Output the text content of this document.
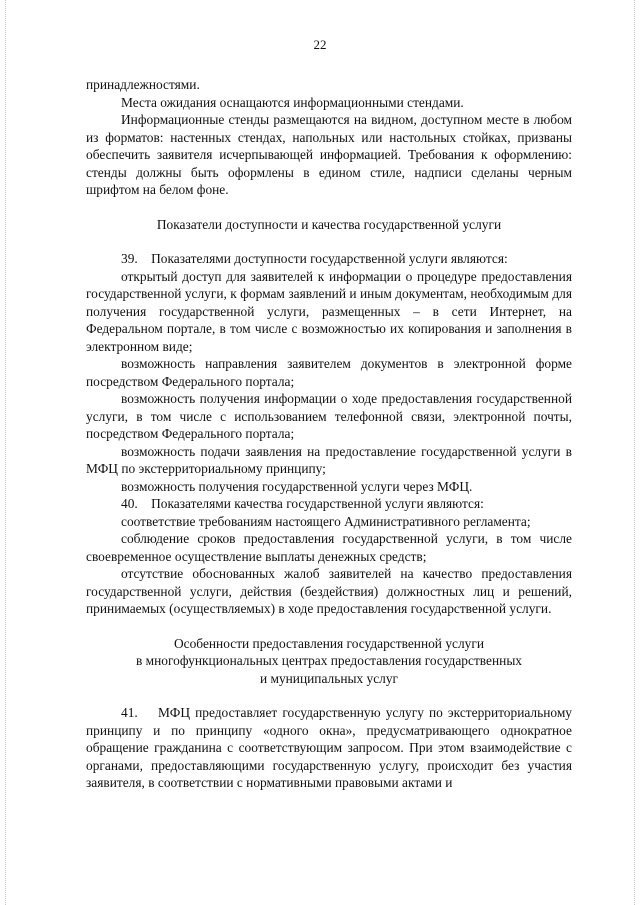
22

принадлежностями.

Места ожидания оснащаются информационными стендами.

Информационные стенды размещаются на видном, доступном месте в любом из форматов: настенных стендах, напольных или настольных стойках, призваны обеспечить заявителя исчерпывающей информацией. Требования к оформлению: стенды должны быть оформлены в едином стиле, надписи сделаны черным шрифтом на белом фоне.

Показатели доступности и качества государственной услуги

39.    Показателями доступности государственной услуги являются:

открытый доступ для заявителей к информации о процедуре предоставления государственной услуги, к формам заявлений и иным документам, необходимым для получения государственной услуги, размещенных – в сети Интернет, на Федеральном портале, в том числе с возможностью их копирования и заполнения в электронном виде;

возможность направления заявителем документов в электронной форме посредством Федерального портала;

возможность получения информации о ходе предоставления государственной услуги, в том числе с использованием телефонной связи, электронной почты, посредством Федерального портала;

возможность подачи заявления на предоставление государственной услуги в МФЦ по экстерриториальному принципу;

возможность получения государственной услуги через МФЦ.

40.    Показателями качества государственной услуги являются:

соответствие требованиям настоящего Административного регламента;

соблюдение сроков предоставления государственной услуги, в том числе своевременное осуществление выплаты денежных средств;

отсутствие обоснованных жалоб заявителей на качество предоставления государственной услуги, действия (бездействия) должностных лиц и решений, принимаемых (осуществляемых) в ходе предоставления государственной услуги.

Особенности предоставления государственной услуги

в многофункциональных центрах предоставления государственных

и муниципальных услуг

41.    МФЦ предоставляет государственную услугу по экстерриториальному принципу и по принципу «одного окна», предусматривающего однократное обращение гражданина с соответствующим запросом. При этом взаимодействие с органами, предоставляющими государственную услугу, происходит без участия заявителя, в соответствии с нормативными правовыми актами и
